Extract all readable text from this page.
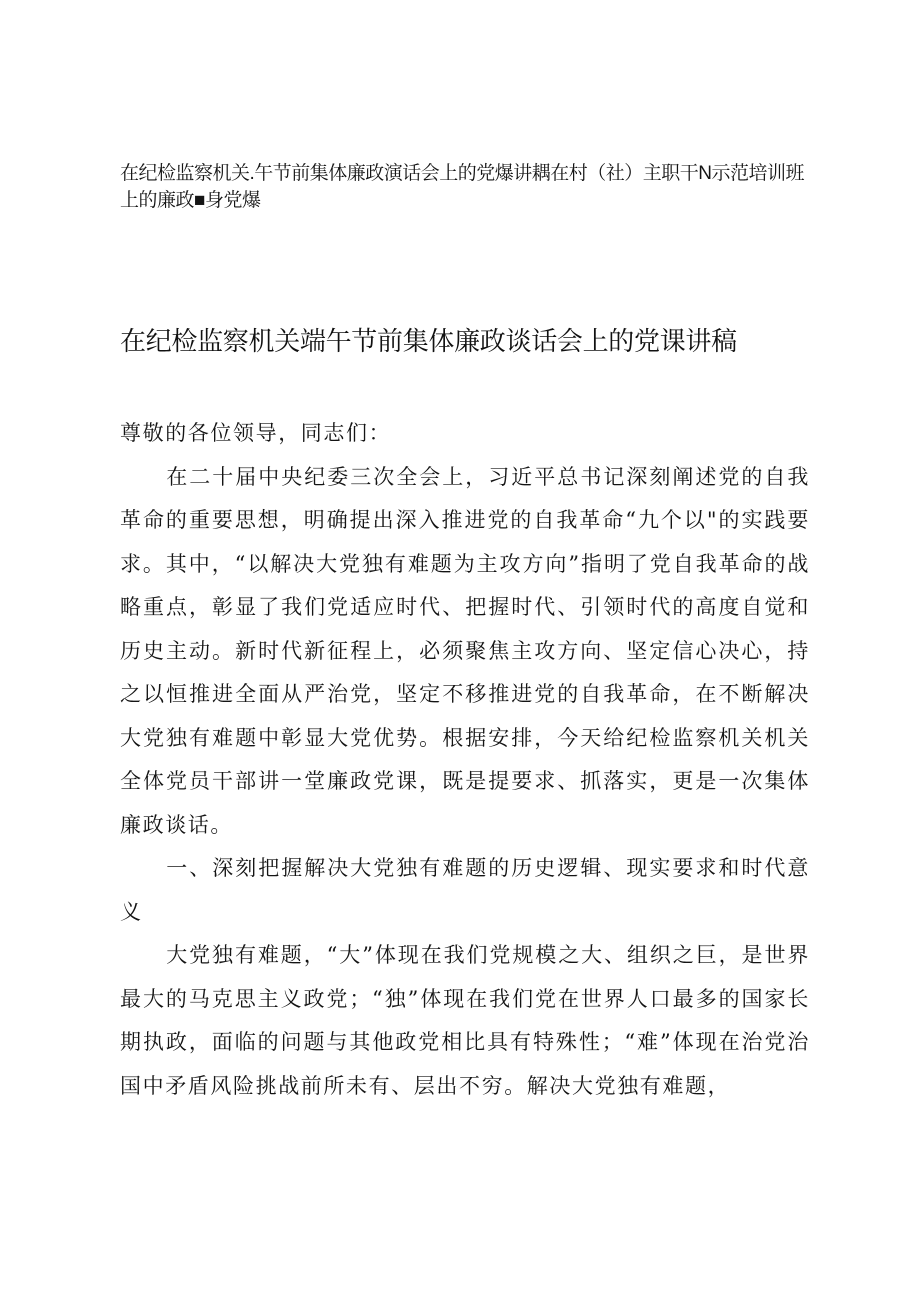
在纪检监察机关.午节前集体廉政演话会上的党爆讲耦在村（社）主职干N示范培训班上的廉政■身党爆
在纪检监察机关端午节前集体廉政谈话会上的党课讲稿

尊敬的各位领导，同志们：

在二十届中央纪委三次全会上，习近平总书记深刻阐述党的自我革命的重要思想，明确提出深入推进党的自我革命“九个以"的实践要求。其中，“以解决大党独有难题为主攻方向”指明了党自我革命的战略重点，彰显了我们党适应时代、把握时代、引领时代的高度自觉和历史主动。新时代新征程上，必须聚焦主攻方向、坚定信心决心，持之以恒推进全面从严治党，坚定不移推进党的自我革命，在不断解决大党独有难题中彰显大党优势。根据安排，今天给纪检监察机关机关全体党员干部讲一堂廉政党课，既是提要求、抓落实，更是一次集体廉政谈话。

一、深刻把握解决大党独有难题的历史逻辑、现实要求和时代意义

大党独有难题，“大”体现在我们党规模之大、组织之巨，是世界最大的马克思主义政党；“独”体现在我们党在世界人口最多的国家长期执政，面临的问题与其他政党相比具有特殊性；“难”体现在治党治国中矛盾风险挑战前所未有、层出不穷。解决大党独有难题，
